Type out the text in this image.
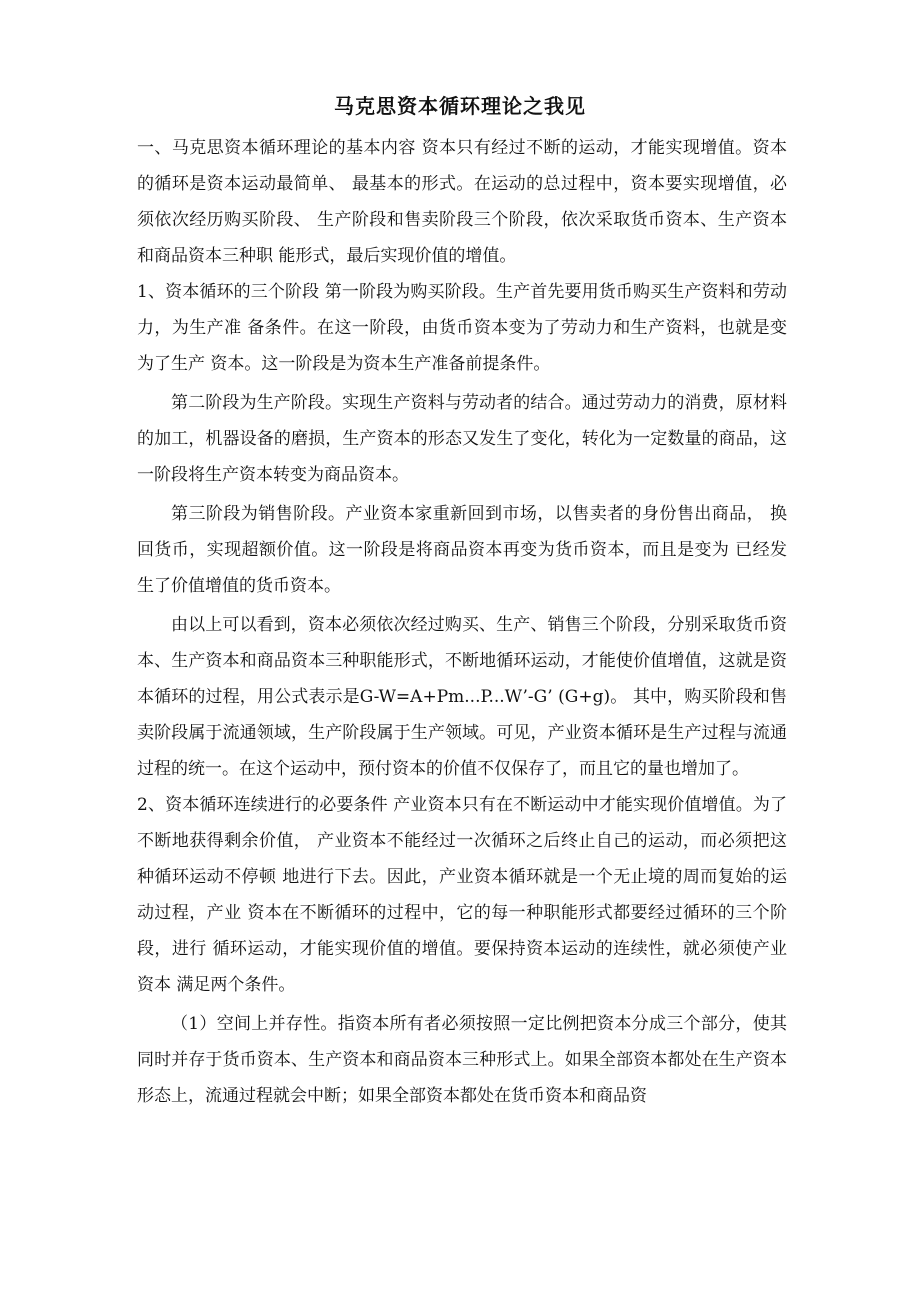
马克思资本循环理论之我见

一、马克思资本循环理论的基本内容 资本只有经过不断的运动，才能实现增值。资本的循环是资本运动最简单、 最基本的形式。在运动的总过程中，资本要实现增值，必须依次经历购买阶段、 生产阶段和售卖阶段三个阶段，依次采取货币资本、生产资本和商品资本三种职 能形式，最后实现价值的增值。

1、资本循环的三个阶段 第一阶段为购买阶段。生产首先要用货币购买生产资料和劳动力，为生产准 备条件。在这一阶段，由货币资本变为了劳动力和生产资料，也就是变为了生产 资本。这一阶段是为资本生产准备前提条件。

第二阶段为生产阶段。实现生产资料与劳动者的结合。通过劳动力的消费，原材料的加工，机器设备的磨损，生产资本的形态又发生了变化，转化为一定数量的商品，这一阶段将生产资本转变为商品资本。

第三阶段为销售阶段。产业资本家重新回到市场，以售卖者的身份售出商品， 换回货币，实现超额价值。这一阶段是将商品资本再变为货币资本，而且是变为 已经发生了价值增值的货币资本。

由以上可以看到，资本必须依次经过购买、生产、销售三个阶段，分别采取货币资本、生产资本和商品资本三种职能形式，不断地循环运动，才能使价值增值，这就是资本循环的过程，用公式表示是G-W=A+Pm...P...W’-G’ (G+g)。 其中，购买阶段和售卖阶段属于流通领域，生产阶段属于生产领域。可见，产业资本循环是生产过程与流通过程的统一。在这个运动中，预付资本的价值不仅保存了，而且它的量也增加了。

2、资本循环连续进行的必要条件 产业资本只有在不断运动中才能实现价值增值。为了不断地获得剩余价值， 产业资本不能经过一次循环之后终止自己的运动，而必须把这种循环运动不停顿 地进行下去。因此，产业资本循环就是一个无止境的周而复始的运动过程，产业 资本在不断循环的过程中，它的每一种职能形式都要经过循环的三个阶段，进行 循环运动，才能实现价值的增值。要保持资本运动的连续性，就必须使产业资本 满足两个条件。

（1）空间上并存性。指资本所有者必须按照一定比例把资本分成三个部分，使其同时并存于货币资本、生产资本和商品资本三种形式上。如果全部资本都处在生产资本形态上，流通过程就会中断；如果全部资本都处在货币资本和商品资
